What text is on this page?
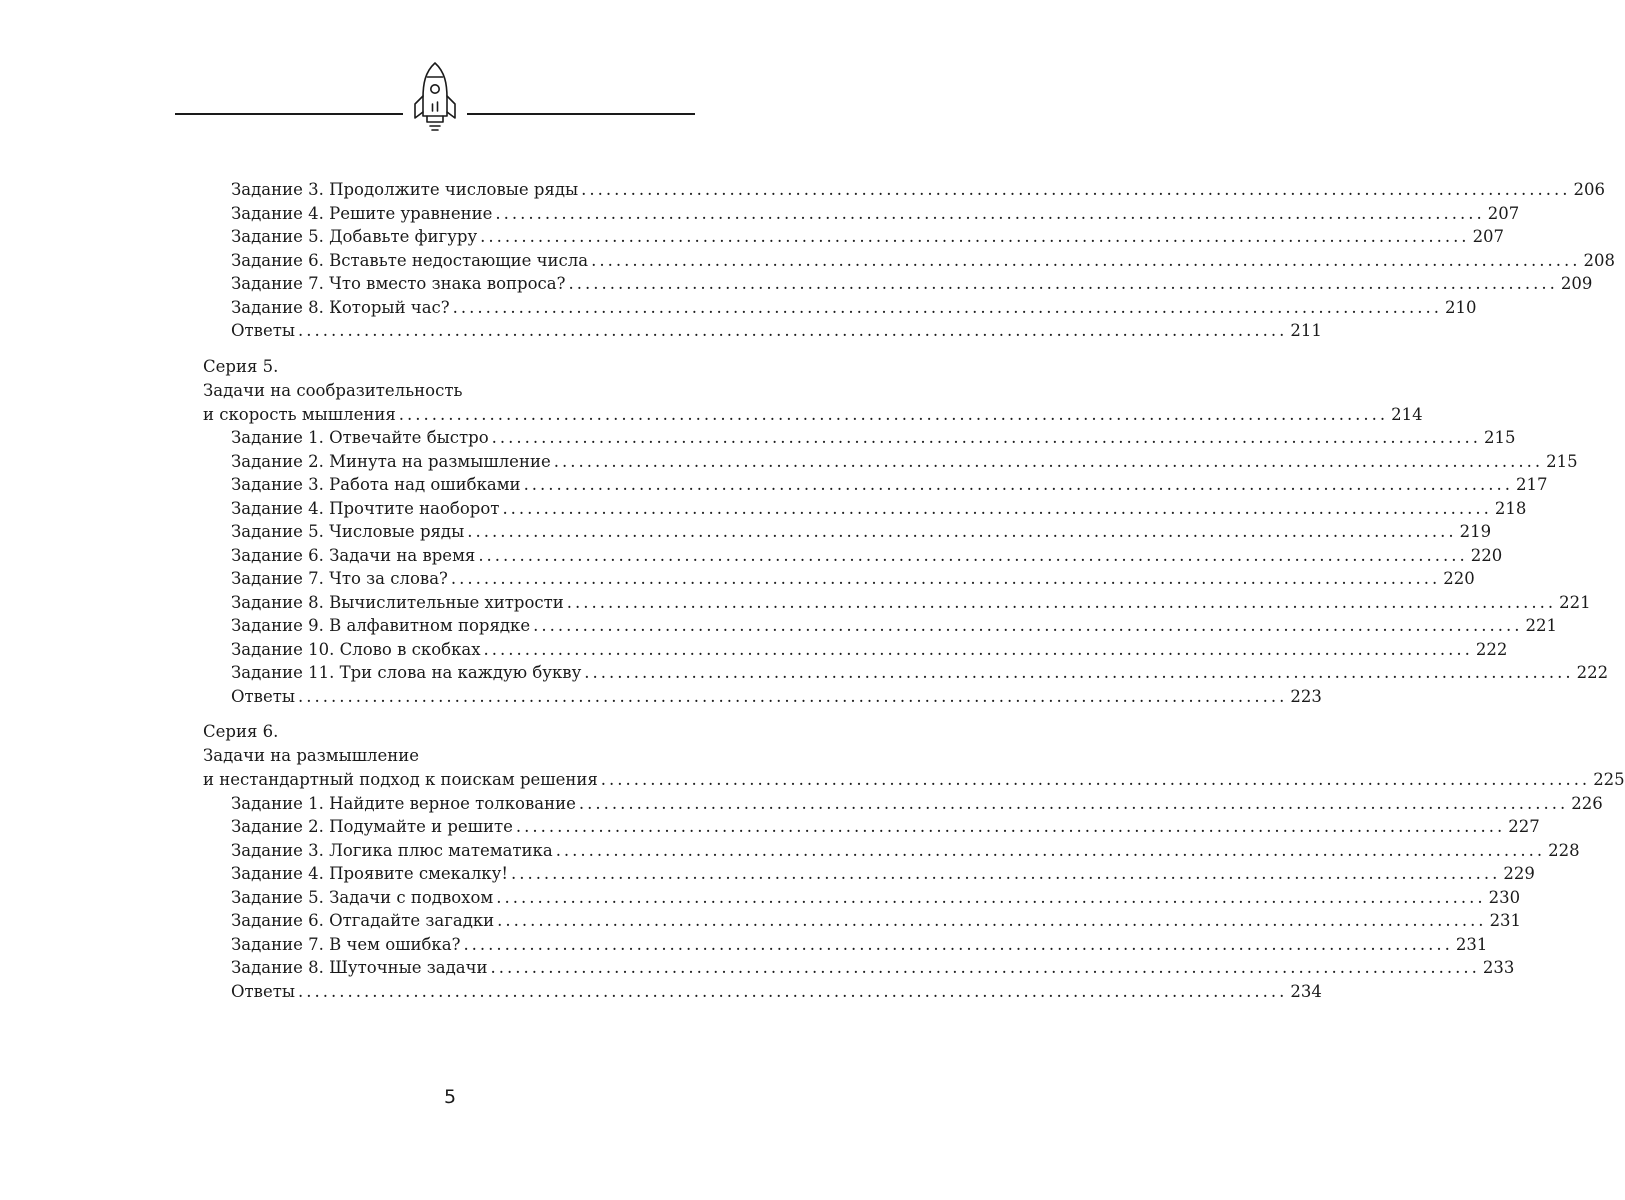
Задание 3. Продолжите числовые ряды ........................................................................................................................ 206
Задание 4. Решите уравнение ........................................................................................................................ 207
Задание 5. Добавьте фигуру ........................................................................................................................ 207
Задание 6. Вставьте недостающие числа ........................................................................................................................ 208
Задание 7. Что вместо знака вопроса? ........................................................................................................................ 209
Задание 8. Который час? ........................................................................................................................ 210
Ответы ........................................................................................................................ 211
Серия 5.
Задачи на сообразительность
и скорость мышления ........................................................................................................................ 214
Задание 1. Отвечайте быстро ........................................................................................................................ 215
Задание 2. Минута на размышление ........................................................................................................................ 215
Задание 3. Работа над ошибками ........................................................................................................................ 217
Задание 4. Прочтите наоборот ........................................................................................................................ 218
Задание 5. Числовые ряды ........................................................................................................................ 219
Задание 6. Задачи на время ........................................................................................................................ 220
Задание 7. Что за слова? ........................................................................................................................ 220
Задание 8. Вычислительные хитрости ........................................................................................................................ 221
Задание 9. В алфавитном порядке ........................................................................................................................ 221
Задание 10. Слово в скобках ........................................................................................................................ 222
Задание 11. Три слова на каждую букву ........................................................................................................................ 222
Ответы ........................................................................................................................ 223
Серия 6.
Задачи на размышление
и нестандартный подход к поискам решения ........................................................................................................................ 225
Задание 1. Найдите верное толкование ........................................................................................................................ 226
Задание 2. Подумайте и решите ........................................................................................................................ 227
Задание 3. Логика плюс математика ........................................................................................................................ 228
Задание 4. Проявите смекалку! ........................................................................................................................ 229
Задание 5. Задачи с подвохом ........................................................................................................................ 230
Задание 6. Отгадайте загадки ........................................................................................................................ 231
Задание 7. В чем ошибка? ........................................................................................................................ 231
Задание 8. Шуточные задачи ........................................................................................................................ 233
Ответы ........................................................................................................................ 234
5
